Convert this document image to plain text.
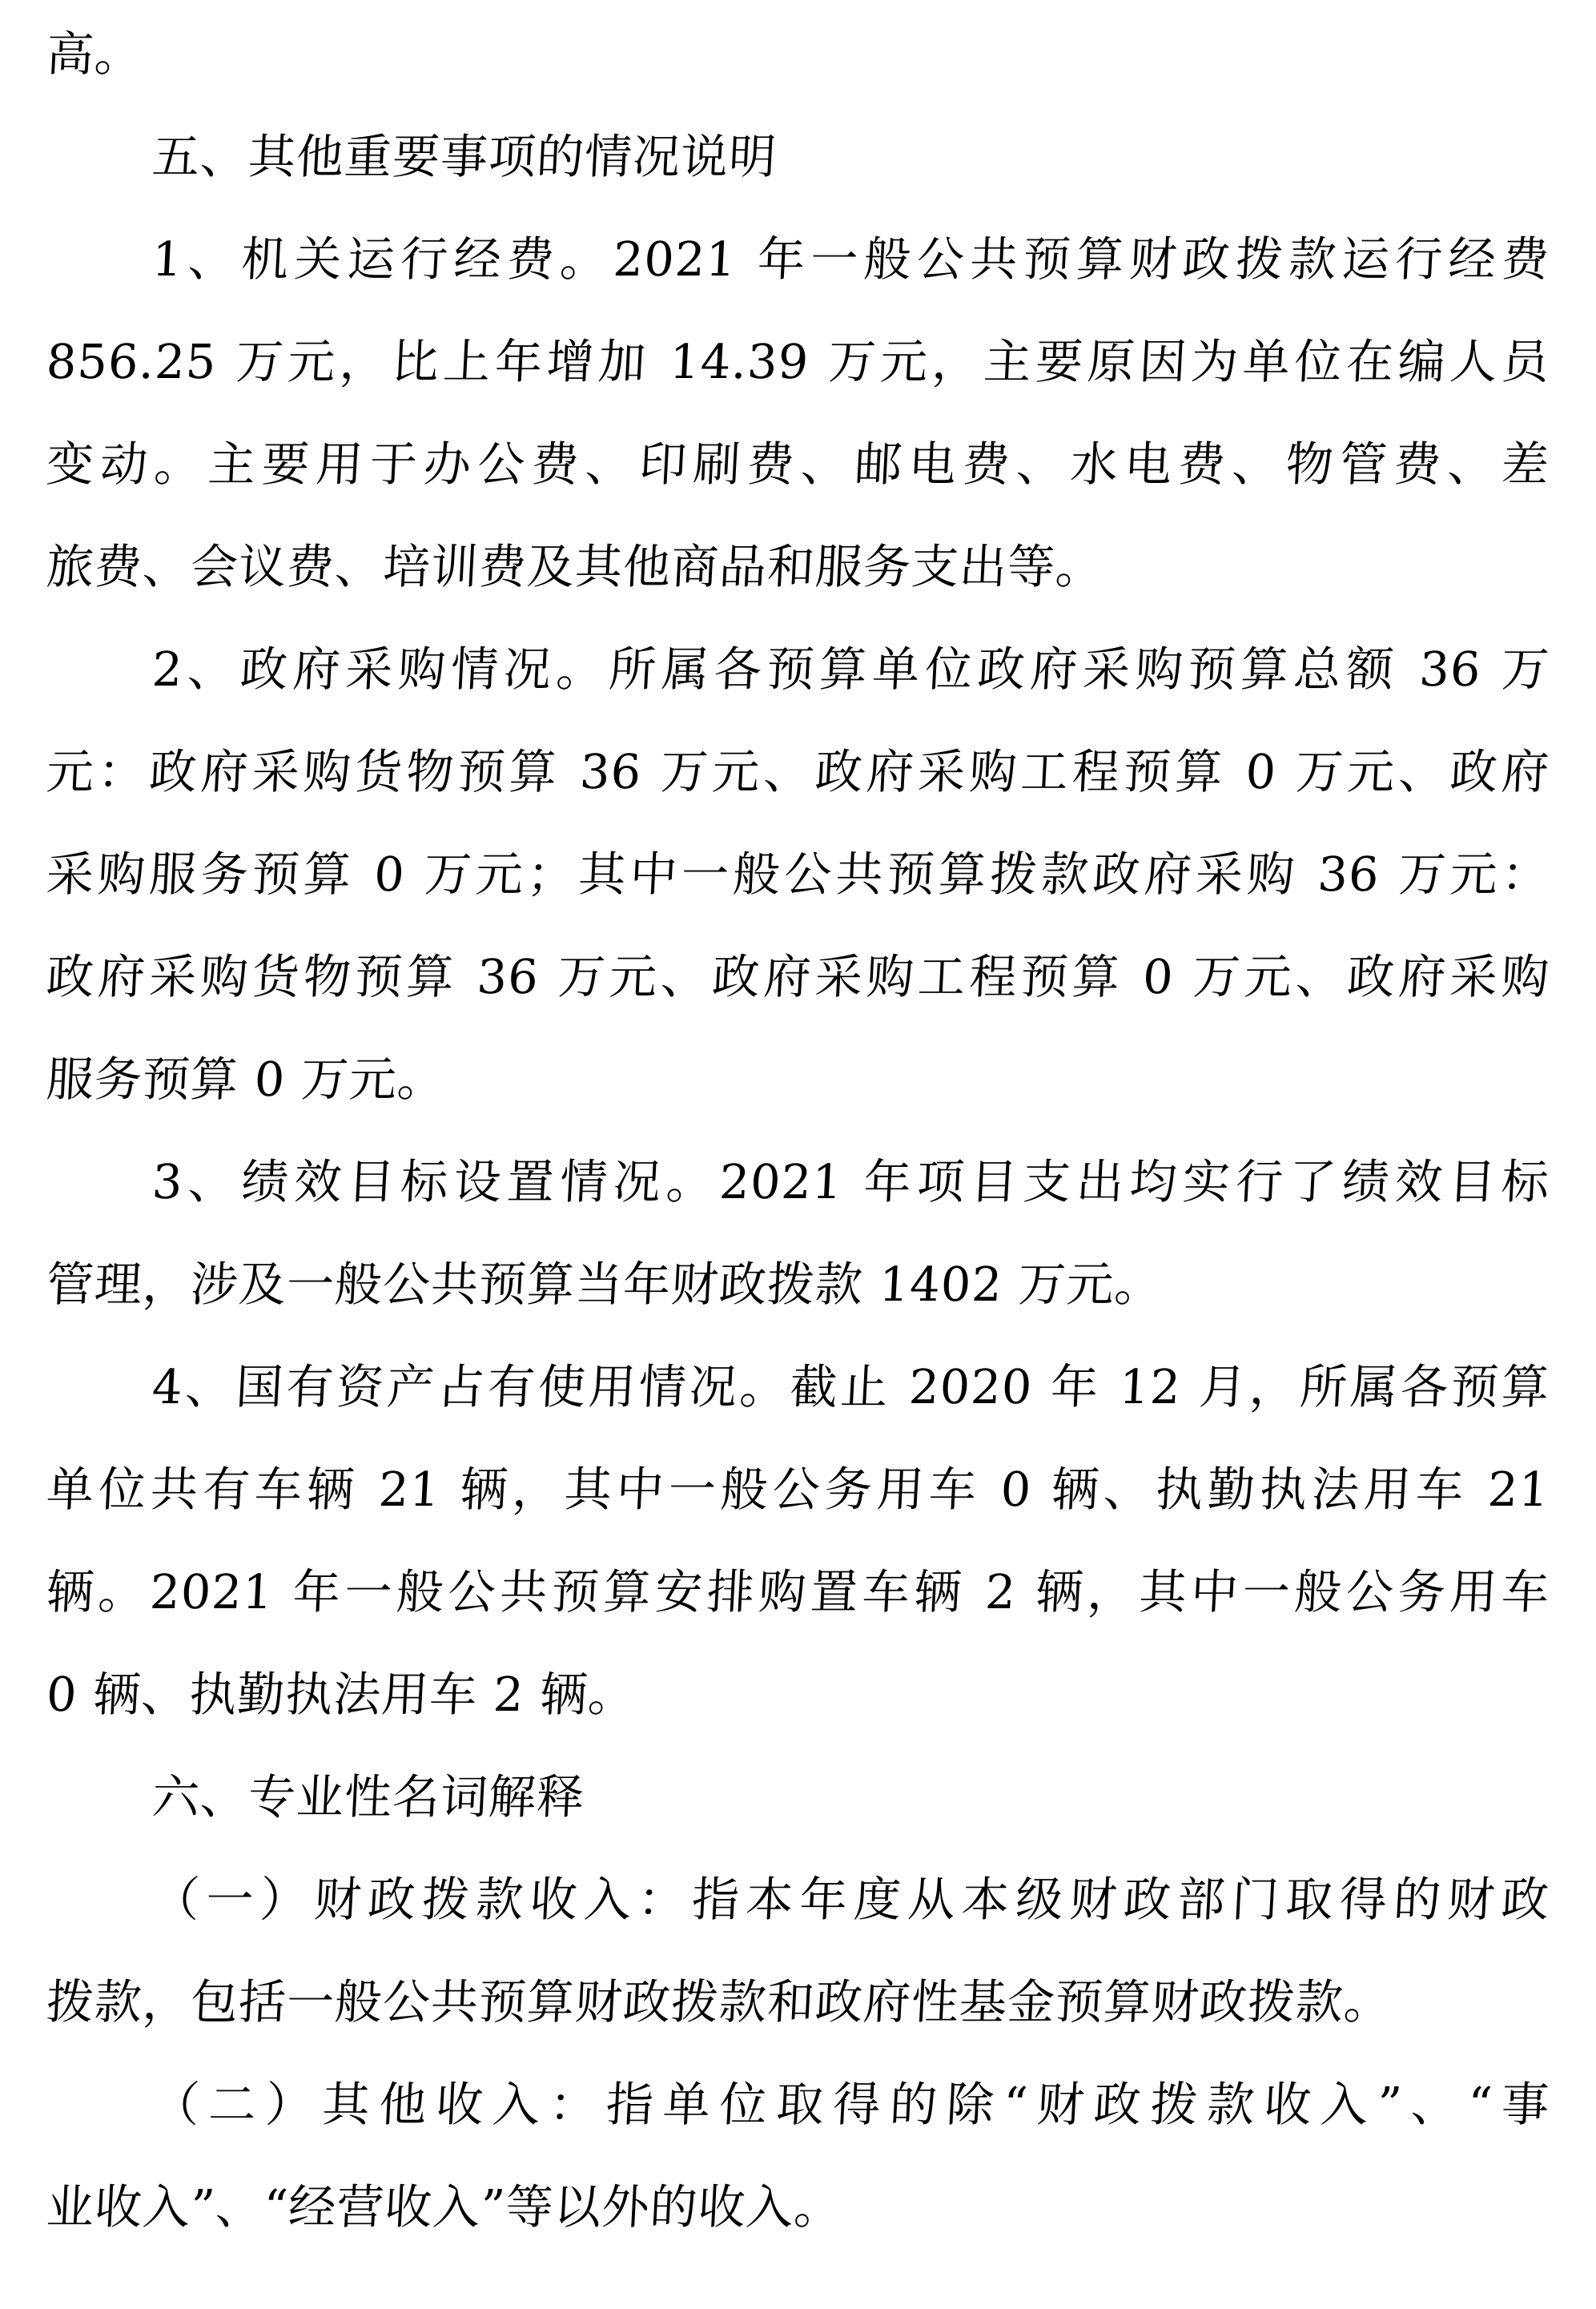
高。
五、其他重要事项的情况说明
1、机关运行经费。2021 年一般公共预算财政拨款运行经费
856.25 万元，比上年增加 14.39 万元，主要原因为单位在编人员
变动。主要用于办公费、印刷费、邮电费、水电费、物管费、差
旅费、会议费、培训费及其他商品和服务支出等。
2、政府采购情况。所属各预算单位政府采购预算总额 36 万
元：政府采购货物预算 36 万元、政府采购工程预算 0 万元、政府
采购服务预算 0 万元；其中一般公共预算拨款政府采购 36 万元：
政府采购货物预算 36 万元、政府采购工程预算 0 万元、政府采购
服务预算 0 万元。
3、绩效目标设置情况。2021 年项目支出均实行了绩效目标
管理，涉及一般公共预算当年财政拨款 1402 万元。
4、国有资产占有使用情况。截止 2020 年 12 月，所属各预算
单位共有车辆 21 辆，其中一般公务用车 0 辆、执勤执法用车 21
辆。2021 年一般公共预算安排购置车辆 2 辆，其中一般公务用车
0 辆、执勤执法用车 2 辆。
六、专业性名词解释
（一）财政拨款收入：指本年度从本级财政部门取得的财政
拨款，包括一般公共预算财政拨款和政府性基金预算财政拨款。
（二）其他收入：指单位取得的除“财政拨款收入”、“事
业收入”、“经营收入”等以外的收入。
